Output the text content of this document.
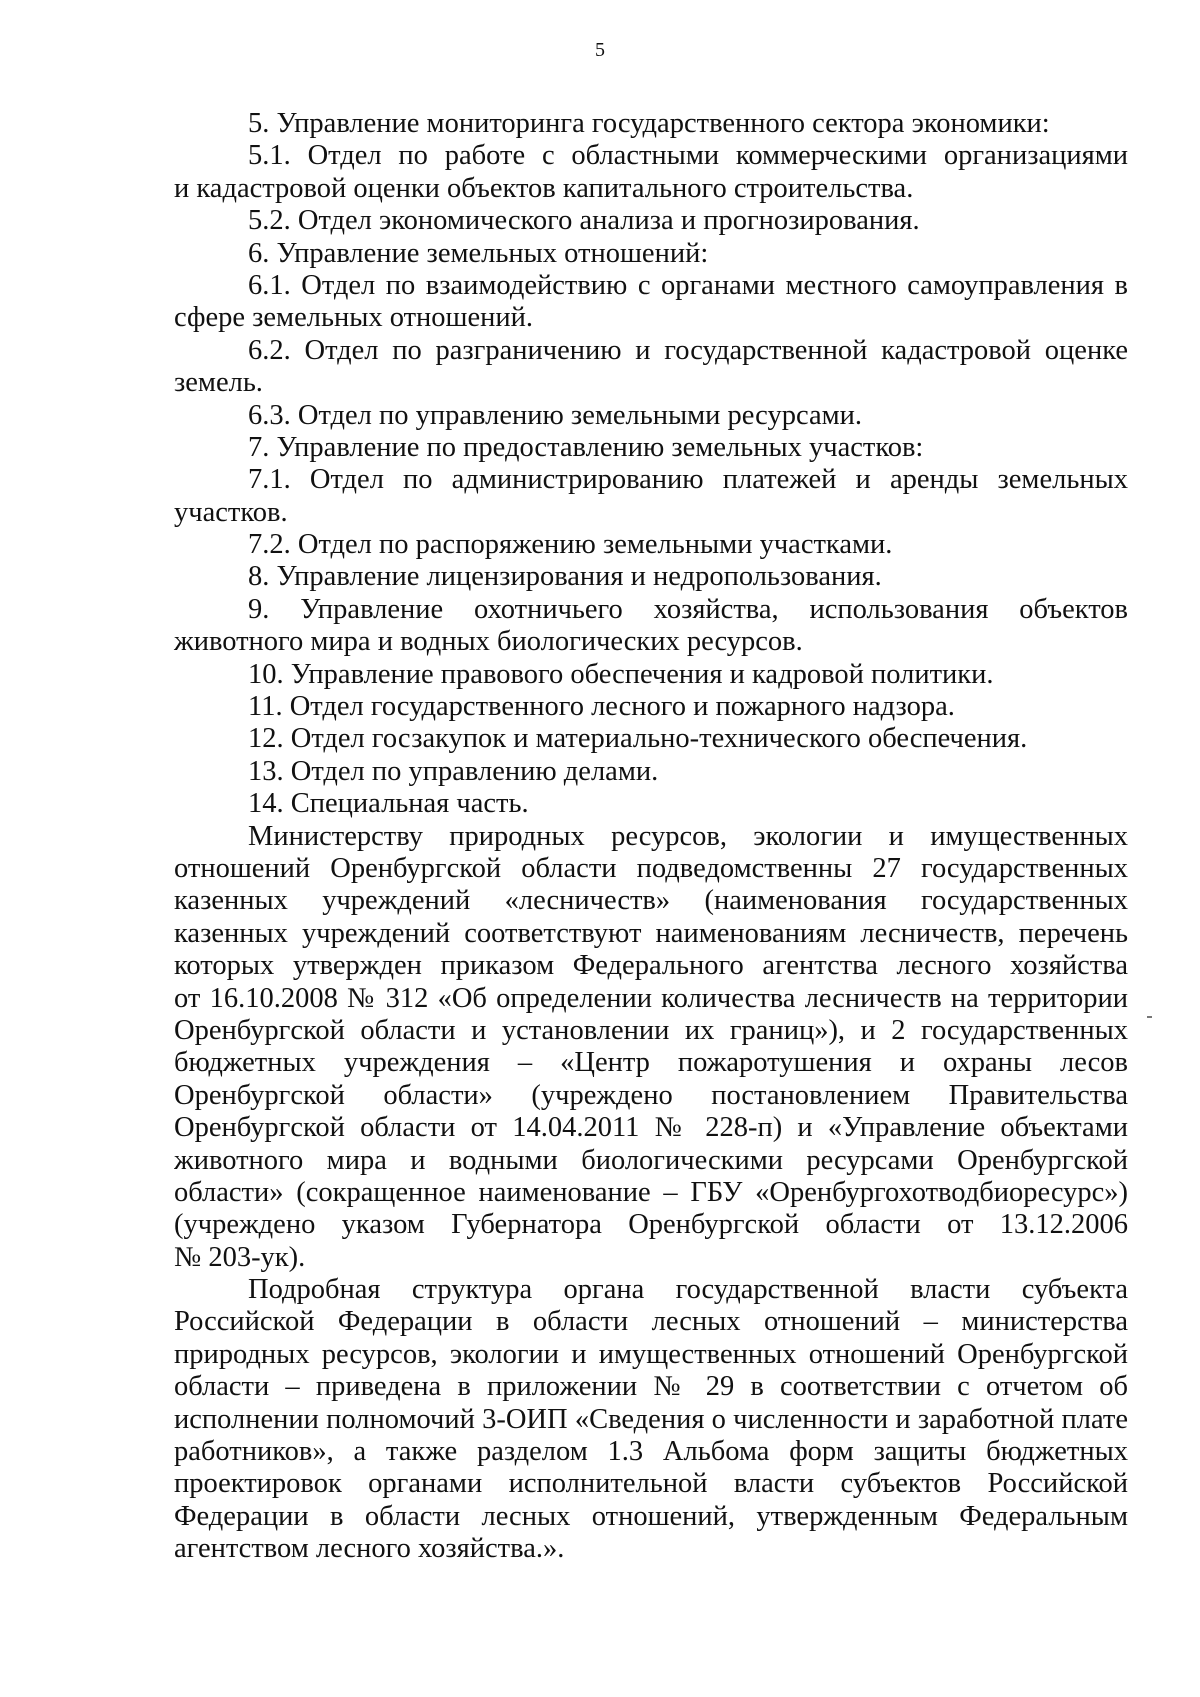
5
5. Управление мониторинга государственного сектора экономики:
5.1. Отдел по работе с областными коммерческими организациями
и кадастровой оценки объектов капитального строительства.
5.2. Отдел экономического анализа и прогнозирования.
6. Управление земельных отношений:
6.1. Отдел по взаимодействию с органами местного самоуправления в
сфере земельных отношений.
6.2. Отдел по разграничению и государственной кадастровой оценке
земель.
6.3. Отдел по управлению земельными ресурсами.
7. Управление по предоставлению земельных участков:
7.1. Отдел по администрированию платежей и аренды земельных
участков.
7.2. Отдел по распоряжению земельными участками.
8. Управление лицензирования и недропользования.
9. Управление охотничьего хозяйства, использования объектов
животного мира и водных биологических ресурсов.
10. Управление правового обеспечения и кадровой политики.
11. Отдел государственного лесного и пожарного надзора.
12. Отдел госзакупок и материально-технического обеспечения.
13. Отдел по управлению делами.
14. Специальная часть.
Министерству природных ресурсов, экологии и имущественных
отношений Оренбургской области подведомственны 27 государственных
казенных учреждений «лесничеств» (наименования государственных
казенных учреждений соответствуют наименованиям лесничеств, перечень
которых утвержден приказом Федерального агентства лесного хозяйства
от 16.10.2008 № 312 «Об определении количества лесничеств на территории
Оренбургской области и установлении их границ»), и 2 государственных
бюджетных учреждения – «Центр пожаротушения и охраны лесов
Оренбургской области» (учреждено постановлением Правительства
Оренбургской области от 14.04.2011 № 228-п) и «Управление объектами
животного мира и водными биологическими ресурсами Оренбургской
области» (сокращенное наименование – ГБУ «Оренбургохотводбиоресурс»)
(учреждено указом Губернатора Оренбургской области от 13.12.2006
№ 203-ук).
Подробная структура органа государственной власти субъекта
Российской Федерации в области лесных отношений – министерства
природных ресурсов, экологии и имущественных отношений Оренбургской
области – приведена в приложении № 29 в соответствии с отчетом об
исполнении полномочий 3-ОИП «Сведения о численности и заработной плате
работников», а также разделом 1.3 Альбома форм защиты бюджетных
проектировок органами исполнительной власти субъектов Российской
Федерации в области лесных отношений, утвержденным Федеральным
агентством лесного хозяйства.».
